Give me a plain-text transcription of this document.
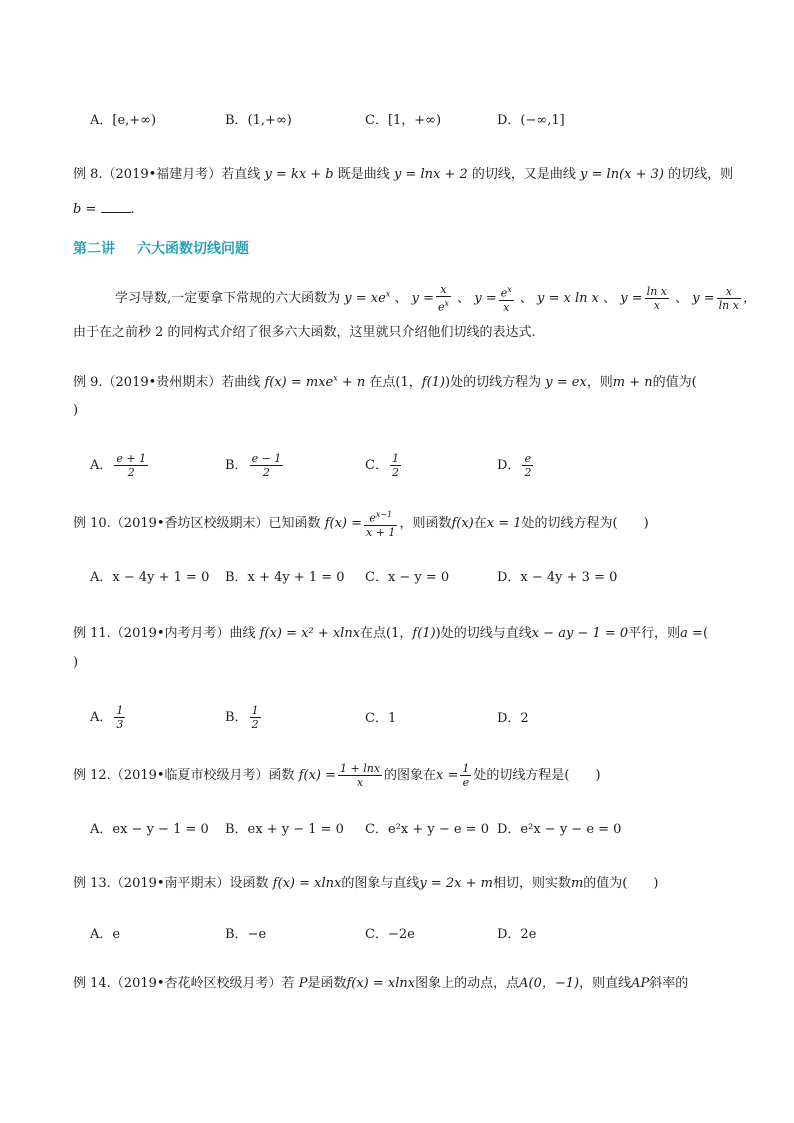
A．[e,+∞)	B．(1,+∞)	C．[1，+∞)	D．(−∞,1]
例 8.（2019•福建月考）若直线 y = kx + b 既是曲线 y = lnx + 2 的切线，又是曲线 y = ln(x + 3) 的切线，则
b =	.
第二讲 六大函数切线问题
学习导数,一定要拿下常规的六大函数为 $y = xe^x$ 、 $y = \frac{x}{e^x}$ 、 $y = \frac{e^x}{x}$ 、 y = x ln x 、 $y = \frac{\text{ln x}}{x}$ 、 $y = \frac{x}{\text{ln x}}$ ，
由于在之前秒 2 的同构式介绍了很多六大函数，这里就只介绍他们切线的表达式.
例 9.（2019•贵州期末）若曲线 f(x) = mxe$^x$ + n 在点(1，f(1))处的切线方程为 y = ex，则m + n的值为(
)
A． $\frac{e + 1}{2}$	B． $\frac{e - 1}{2}$	C． $\frac{1}{2}$	D． $\frac{e}{2}$
例 10.（2019•香坊区校级期末）已知函数 $f(x) = \frac{e^{x-1}}{x + 1}$ ，则函数f(x)在x = 1处的切线方程为(　　)
A．x − 4y + 1 = 0 B．x + 4y + 1 = 0 C．x − y = 0	D．x − 4y + 3 = 0
例 11.（2019•内考月考）曲线 f(x) = x² + xlnx在点(1，f(1))处的切线与直线x − ay − 1 = 0平行，则a =(
)
A． $\frac{1}{3}$	B． $\frac{1}{2}$	C．1	D．2
例 12.（2019•临夏市校级月考）函数 $f(x) = \frac{1 + \ln x}{x}$ 的图象在$x = \frac{1}{e}$ 处的切线方程是(　　)
A．ex − y − 1 = 0 B．ex + y − 1 = 0 C．e²x + y − e = 0 D．e²x − y − e = 0
例 13.（2019•南平期末）设函数 f(x) = xlnx的图象与直线y = 2x + m相切，则实数m的值为(　　)
A．e	B．−e	C．−2e	D．2e
例 14.（2019•杏花岭区校级月考）若 P是函数f(x) = xlnx图象上的动点，点A(0，−1)，则直线AP斜率的
